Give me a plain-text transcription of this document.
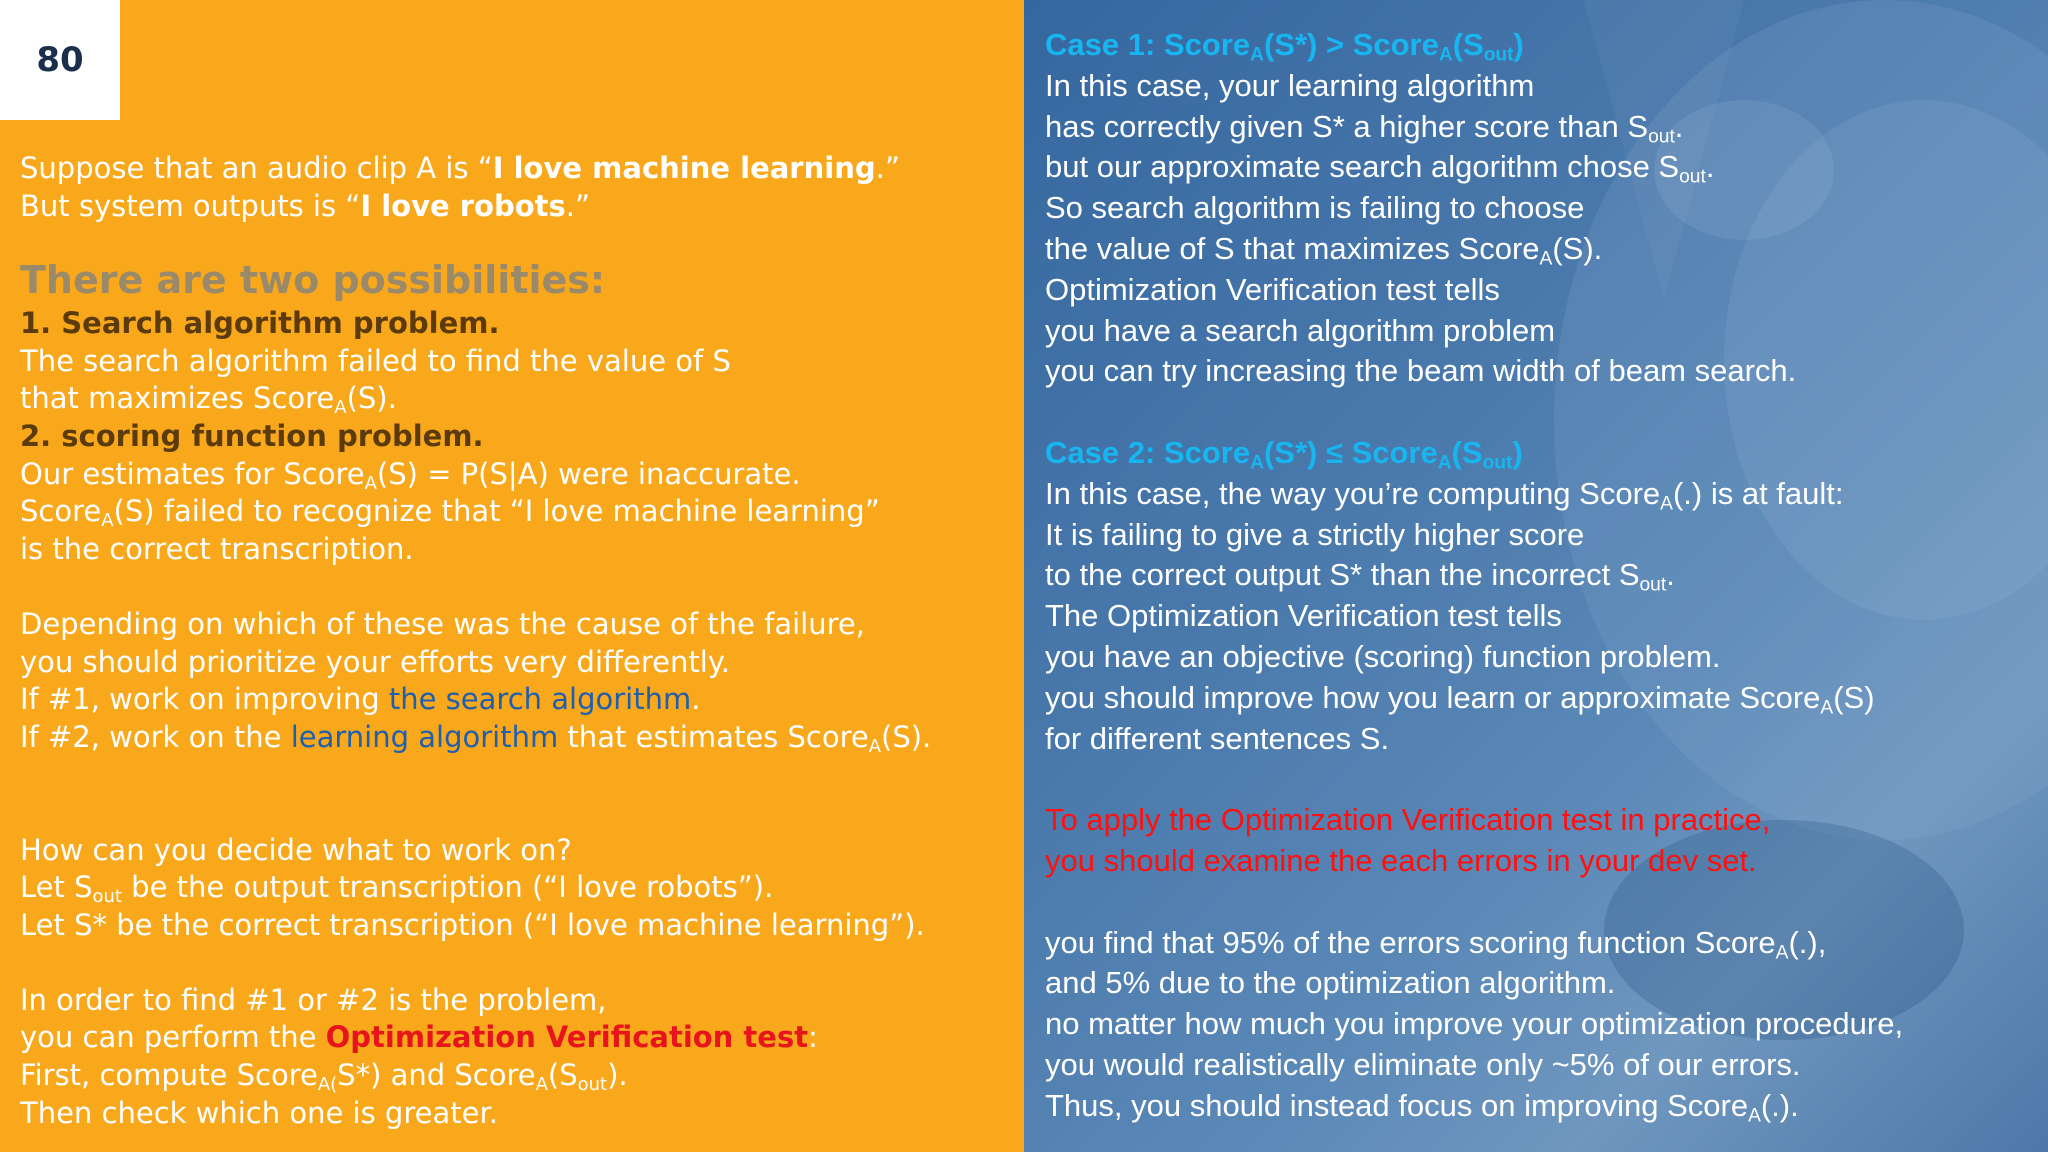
80
Suppose that an audio clip A is “I love machine learning.”
But system outputs is “I love robots.”
There are two possibilities:
1. Search algorithm problem.
The search algorithm failed to find the value of S
that maximizes Score$_A$(S).
2. scoring function problem.
Our estimates for Score$_A$(S) = P(S|A) were inaccurate.
Score$_A$(S) failed to recognize that “I love machine learning”
is the correct transcription.
Depending on which of these was the cause of the failure,
you should prioritize your efforts very differently.
If #1, work on improving the search algorithm.
If #2, work on the learning algorithm that estimates Score$_A$(S).
How can you decide what to work on?
Let $S_{out}$ be the output transcription (“I love robots”).
Let S* be the correct transcription (“I love machine learning”).
In order to find #1 or #2 is the problem,
you can perform the Optimization Verification test:
First, compute Score$_{A(}$S*) and $Score_A(S_{out})$.
Then check which one is greater.
Case 1: Score$_A$(S*) > $Score_A(S_{out})$
In this case, your learning algorithm
has correctly given S* a higher score than $S_{out}$.
but our approximate search algorithm chose $S_{out}$.
So search algorithm is failing to choose
the value of S that maximizes Score$_A$(S).
Optimization Verification test tells
you have a search algorithm problem
you can try increasing the beam width of beam search.
Case 2: Score$_A$(S*) ≤ $Score_A(S_{out})$
In this case, the way you’re computing Score$_A$(.) is at fault:
It is failing to give a strictly higher score
to the correct output S* than the incorrect $S_{out}$.
The Optimization Verification test tells
you have an objective (scoring) function problem.
you should improve how you learn or approximate Score$_A$(S)
for different sentences S.
To apply the Optimization Verification test in practice,
you should examine the each errors in your dev set.
you find that 95% of the errors scoring function Score$_A$(.),
and 5% due to the optimization algorithm.
no matter how much you improve your optimization procedure,
you would realistically eliminate only ~5% of our errors.
Thus, you should instead focus on improving Score$_A$(.).
